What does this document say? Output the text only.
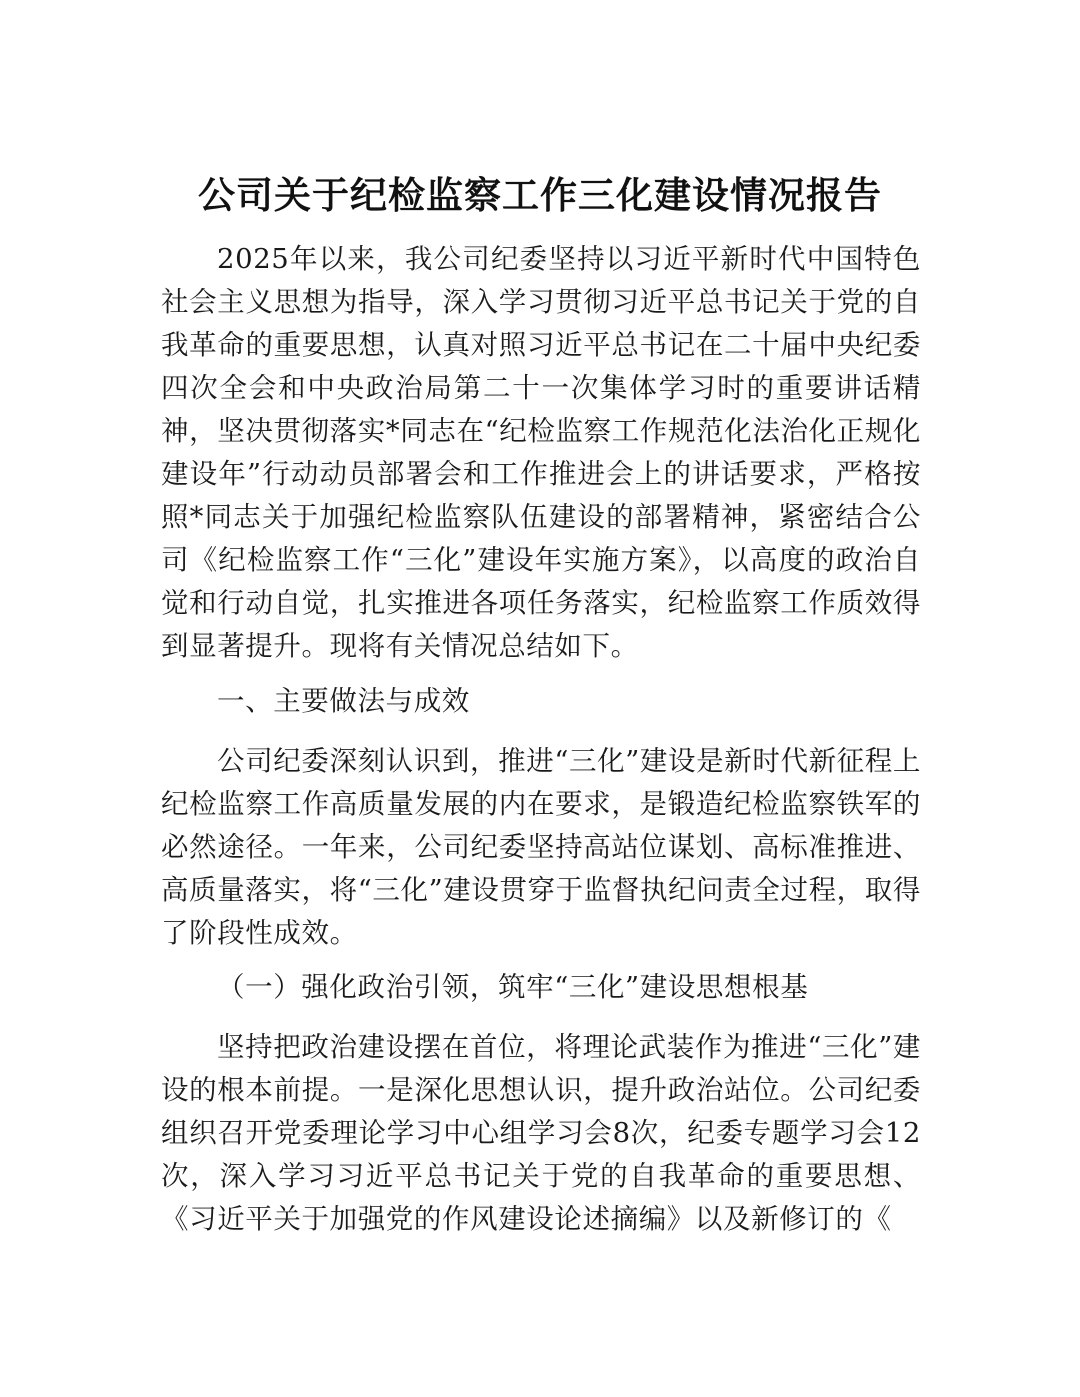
公司关于纪检监察工作三化建设情况报告

2025年以来，我公司纪委坚持以习近平新时代中国特色社会主义思想为指导，深入学习贯彻习近平总书记关于党的自我革命的重要思想，认真对照习近平总书记在二十届中央纪委四次全会和中央政治局第二十一次集体学习时的重要讲话精神，坚决贯彻落实*同志在“纪检监察工作规范化法治化正规化建设年”行动动员部署会和工作推进会上的讲话要求，严格按照*同志关于加强纪检监察队伍建设的部署精神，紧密结合公司《纪检监察工作“三化”建设年实施方案》，以高度的政治自觉和行动自觉，扎实推进各项任务落实，纪检监察工作质效得到显著提升。现将有关情况总结如下。

一、主要做法与成效

公司纪委深刻认识到，推进“三化”建设是新时代新征程上纪检监察工作高质量发展的内在要求，是锻造纪检监察铁军的必然途径。一年来，公司纪委坚持高站位谋划、高标准推进、高质量落实，将“三化”建设贯穿于监督执纪问责全过程，取得了阶段性成效。

（一）强化政治引领，筑牢“三化”建设思想根基

坚持把政治建设摆在首位，将理论武装作为推进“三化”建设的根本前提。一是深化思想认识，提升政治站位。公司纪委组织召开党委理论学习中心组学习会8次，纪委专题学习会12次，深入学习习近平总书记关于党的自我革命的重要思想、《习近平关于加强党的作风建设论述摘编》以及新修订的《
